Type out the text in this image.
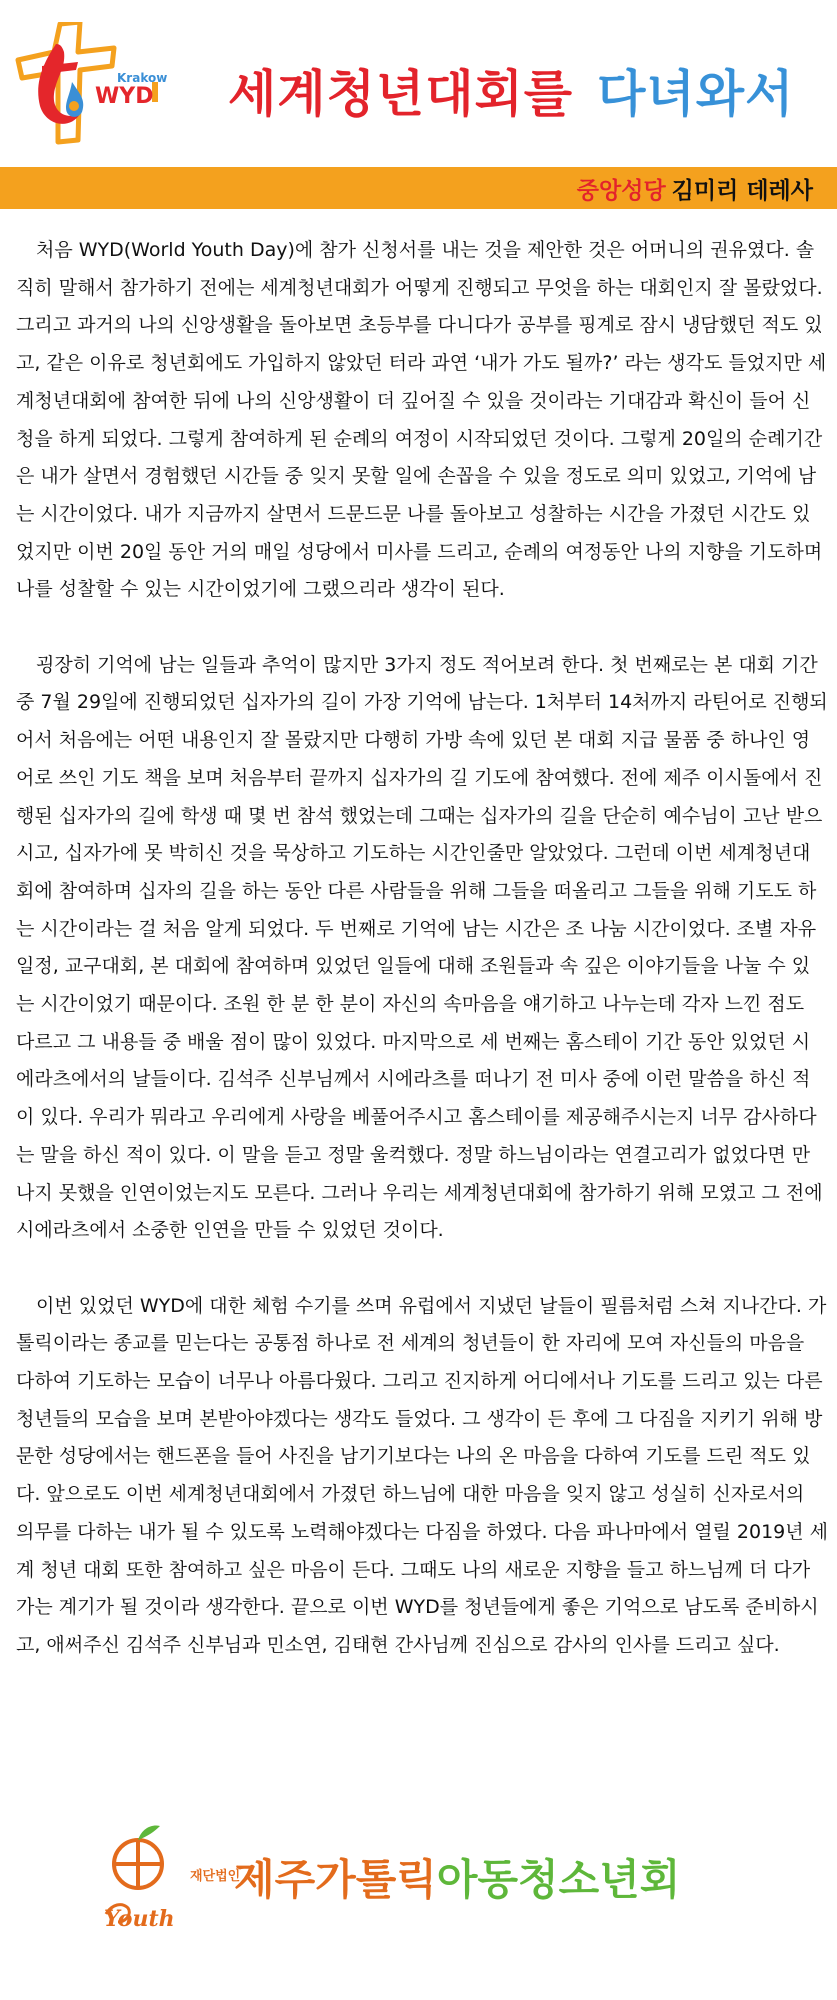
Krakow
WYD 세계청년대회를 다녀와서
중앙성당 김미리 데레사

처음 WYD(World Youth Day)에 참가 신청서를 내는 것을 제안한 것은 어머니의 권유였다. 솔직히 말해서 참가하기 전에는 세계청년대회가 어떻게 진행되고 무엇을 하는 대회인지 잘 몰랐었다. 그리고 과거의 나의 신앙생활을 돌아보면 초등부를 다니다가 공부를 핑계로 잠시 냉담했던 적도 있고, 같은 이유로 청년회에도 가입하지 않았던 터라 과연 ‘내가 가도 될까?’ 라는 생각도 들었지만 세계청년대회에 참여한 뒤에 나의 신앙생활이 더 깊어질 수 있을 것이라는 기대감과 확신이 들어 신청을 하게 되었다. 그렇게 참여하게 된 순례의 여정이 시작되었던 것이다. 그렇게 20일의 순례기간은 내가 살면서 경험했던 시간들 중 잊지 못할 일에 손꼽을 수 있을 정도로 의미 있었고, 기억에 남는 시간이었다. 내가 지금까지 살면서 드문드문 나를 돌아보고 성찰하는 시간을 가졌던 시간도 있었지만 이번 20일 동안 거의 매일 성당에서 미사를 드리고, 순례의 여정동안 나의 지향을 기도하며 나를 성찰할 수 있는 시간이었기에 그랬으리라 생각이 된다.

굉장히 기억에 남는 일들과 추억이 많지만 3가지 정도 적어보려 한다. 첫 번째로는 본 대회 기간 중 7월 29일에 진행되었던 십자가의 길이 가장 기억에 남는다. 1처부터 14처까지 라틴어로 진행되어서 처음에는 어떤 내용인지 잘 몰랐지만 다행히 가방 속에 있던 본 대회 지급 물품 중 하나인 영어로 쓰인 기도 책을 보며 처음부터 끝까지 십자가의 길 기도에 참여했다. 전에 제주 이시돌에서 진행된 십자가의 길에 학생 때 몇 번 참석 했었는데 그때는 십자가의 길을 단순히 예수님이 고난 받으시고, 십자가에 못 박히신 것을 묵상하고 기도하는 시간인줄만 알았었다. 그런데 이번 세계청년대회에 참여하며 십자의 길을 하는 동안 다른 사람들을 위해 그들을 떠올리고 그들을 위해 기도도 하는 시간이라는 걸 처음 알게 되었다. 두 번째로 기억에 남는 시간은 조 나눔 시간이었다. 조별 자유일정, 교구대회, 본 대회에 참여하며 있었던 일들에 대해 조원들과 속 깊은 이야기들을 나눌 수 있는 시간이었기 때문이다. 조원 한 분 한 분이 자신의 속마음을 얘기하고 나누는데 각자 느낀 점도 다르고 그 내용들 중 배울 점이 많이 있었다. 마지막으로 세 번째는 홈스테이 기간 동안 있었던 시에라츠에서의 날들이다. 김석주 신부님께서 시에라츠를 떠나기 전 미사 중에 이런 말씀을 하신 적이 있다. 우리가 뭐라고 우리에게 사랑을 베풀어주시고 홈스테이를 제공해주시는지 너무 감사하다는 말을 하신 적이 있다. 이 말을 듣고 정말 울컥했다. 정말 하느님이라는 연결고리가 없었다면 만나지 못했을 인연이었는지도 모른다. 그러나 우리는 세계청년대회에 참가하기 위해 모였고 그 전에 시에라츠에서 소중한 인연을 만들 수 있었던 것이다.

이번 있었던 WYD에 대한 체험 수기를 쓰며 유럽에서 지냈던 날들이 필름처럼 스쳐 지나간다. 가톨릭이라는 종교를 믿는다는 공통점 하나로 전 세계의 청년들이 한 자리에 모여 자신들의 마음을 다하여 기도하는 모습이 너무나 아름다웠다. 그리고 진지하게 어디에서나 기도를 드리고 있는 다른 청년들의 모습을 보며 본받아야겠다는 생각도 들었다. 그 생각이 든 후에 그 다짐을 지키기 위해 방문한 성당에서는 핸드폰을 들어 사진을 남기기보다는 나의 온 마음을 다하여 기도를 드린 적도 있다. 앞으로도 이번 세계청년대회에서 가졌던 하느님에 대한 마음을 잊지 않고 성실히 신자로서의 의무를 다하는 내가 될 수 있도록 노력해야겠다는 다짐을 하였다. 다음 파나마에서 열릴 2019년 세계 청년 대회 또한 참여하고 싶은 마음이 든다. 그때도 나의 새로운 지향을 들고 하느님께 더 다가가는 계기가 될 것이라 생각한다. 끝으로 이번 WYD를 청년들에게 좋은 기억으로 남도록 준비하시고, 애써주신 김석주 신부님과 민소연, 김태현 간사님께 진심으로 감사의 인사를 드리고 싶다.

Youth
재단법인제주가톨릭아동청소년회
